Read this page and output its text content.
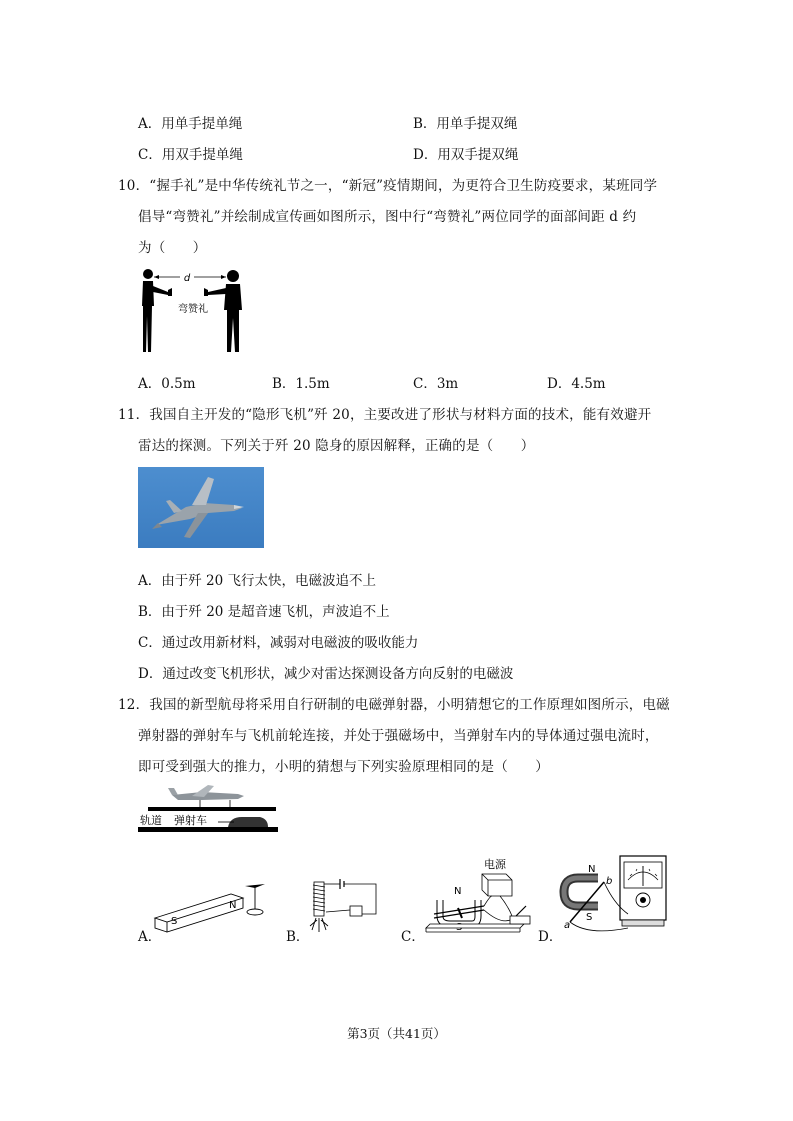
A．用单手提单绳	B．用单手提双绳
C．用双手提单绳	D．用双手提双绳
10．“握手礼”是中华传统礼节之一，“新冠”疫情期间，为更符合卫生防疫要求，某班同学
倡导“弯赞礼”并绘制成宣传画如图所示，图中行“弯赞礼”两位同学的面部间距 d 约
为（　　）
d
弯赞礼
A．0.5m	B．1.5m	C．3m	D．4.5m
11．我国自主开发的“隐形飞机”歼 20，主要改进了形状与材料方面的技术，能有效避开
雷达的探测。下列关于歼 20 隐身的原因解释，正确的是（　　）
A．由于歼 20 飞行太快，电磁波追不上
B．由于歼 20 是超音速飞机，声波追不上
C．通过改用新材料，减弱对电磁波的吸收能力
D．通过改变飞机形状，减少对雷达探测设备方向反射的电磁波
12．我国的新型航母将采用自行研制的电磁弹射器，小明猜想它的工作原理如图所示，电磁
弹射器的弹射车与飞机前轮连接，并处于强磁场中，当弹射车内的导体通过强电流时，
即可受到强大的推力，小明的猜想与下列实验原理相同的是（　　）
轨道 弹射车
A．
S
N
B．	C．
电源
N
D．
N
S
a
b
第3页（共41页）
